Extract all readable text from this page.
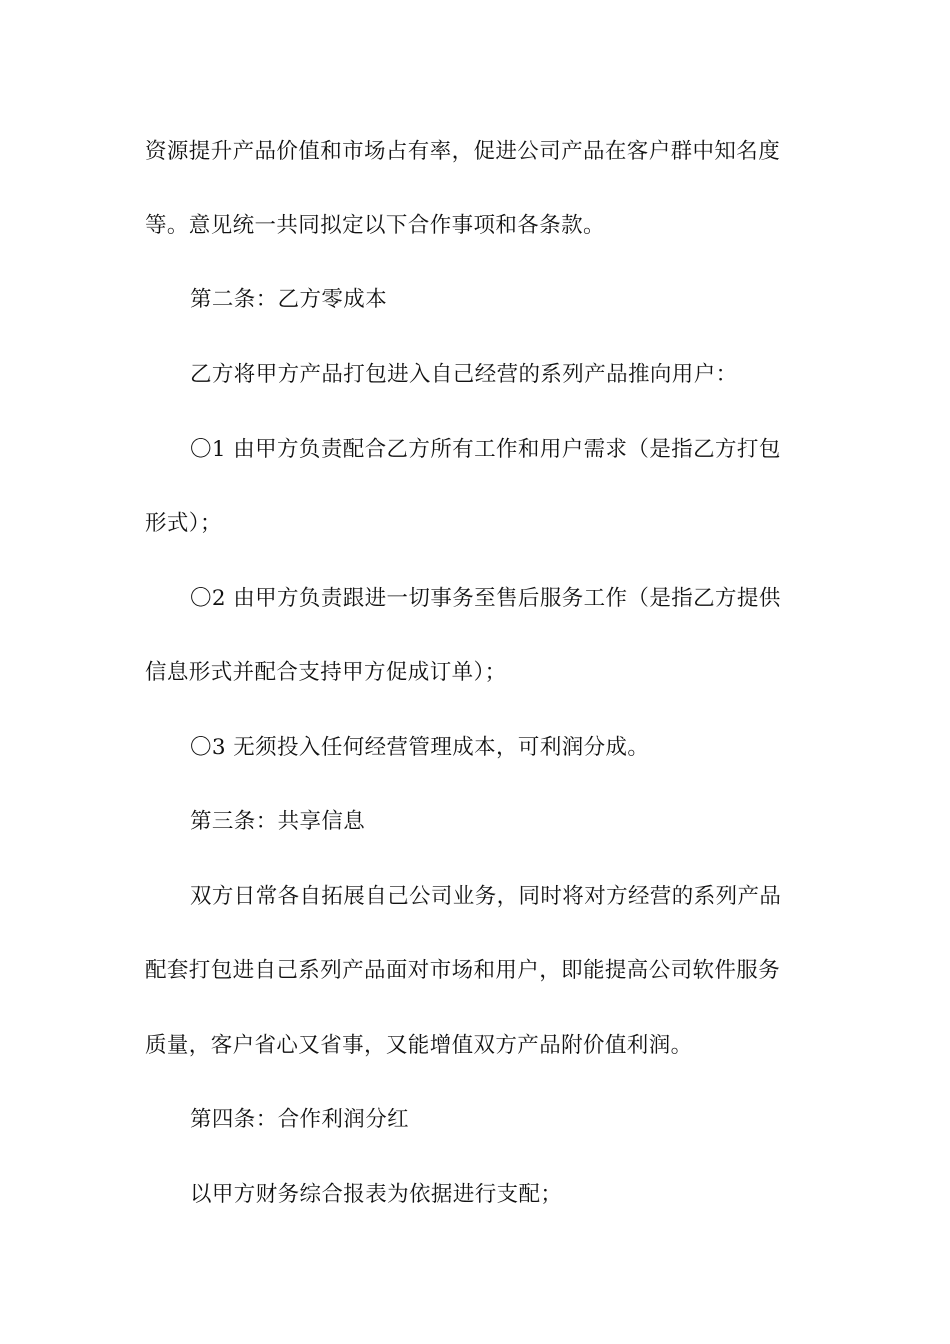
资源提升产品价值和市场占有率，促进公司产品在客户群中知名度
等。意见统一共同拟定以下合作事项和各条款。
第二条：乙方零成本
乙方将甲方产品打包进入自己经营的系列产品推向用户：
〇1 由甲方负责配合乙方所有工作和用户需求（是指乙方打包
形式）；
〇2 由甲方负责跟进一切事务至售后服务工作（是指乙方提供
信息形式并配合支持甲方促成订单）；
〇3 无须投入任何经营管理成本，可利润分成。
第三条：共享信息
双方日常各自拓展自己公司业务，同时将对方经营的系列产品
配套打包进自己系列产品面对市场和用户，即能提高公司软件服务
质量，客户省心又省事，又能增值双方产品附价值利润。
第四条：合作利润分红
以甲方财务综合报表为依据进行支配；
